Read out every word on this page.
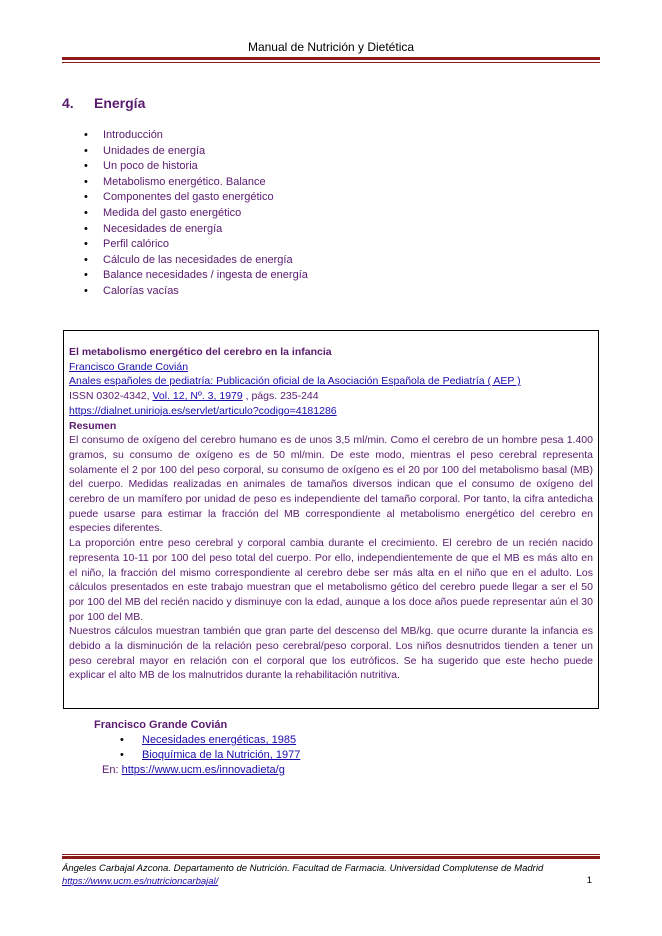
Manual de Nutrición y Dietética
4. Energía
• Introducción
• Unidades de energía
• Un poco de historia
• Metabolismo energético. Balance
• Componentes del gasto energético
• Medida del gasto energético
• Necesidades de energía
• Perfil calórico
• Cálculo de las necesidades de energía
• Balance necesidades / ingesta de energía
• Calorías vacías
El metabolismo energético del cerebro en la infancia
Francisco Grande Covián
Anales españoles de pediatría: Publicación oficial de la Asociación Española de Pediatría ( AEP )
ISSN 0302-4342, Vol. 12, Nº. 3, 1979 , págs. 235-244
https://dialnet.unirioja.es/servlet/articulo?codigo=4181286
Resumen

El consumo de oxígeno del cerebro humano es de unos 3,5 ml/min. Como el cerebro de un hombre pesa 1.400 gramos, su consumo de oxígeno es de 50 ml/min. De este modo, mientras el peso cerebral representa solamente el 2 por 100 del peso corporal, su consumo de oxígeno es el 20 por 100 del metabolismo basal (MB) del cuerpo. Medidas realizadas en animales de tamaños diversos indican que el consumo de oxígeno del cerebro de un mamífero por unidad de peso es independiente del tamaño corporal. Por tanto, la cifra antedicha puede usarse para estimar la fracción del MB correspondiente al metabolismo energético del cerebro en especies diferentes.

La proporción entre peso cerebral y corporal cambia durante el crecimiento. El cerebro de un recién nacido representa 10-11 por 100 del peso total del cuerpo. Por ello, independientemente de que el MB es más alto en el niño, la fracción del mismo correspondiente al cerebro debe ser más alta en el niño que en el adulto. Los cálculos presentados en este trabajo muestran que el metabolismo gético del cerebro puede llegar a ser el 50 por 100 del MB del recién nacido y disminuye con la edad, aunque a los doce años puede representar aún el 30 por 100 del MB.

Nuestros cálculos muestran también que gran parte del descenso del MB/kg. que ocurre durante la infancia es debido a la disminución de la relación peso cerebral/peso corporal. Los niños desnutridos tienden a tener un peso cerebral mayor en relación con el corporal que los eutróficos. Se ha sugerido que este hecho puede explicar el alto MB de los malnutridos durante la rehabilitación nutritiva.

Francisco Grande Covián
• Necesidades energéticas, 1985
• Bioquímica de la Nutrición, 1977
En: https://www.ucm.es/innovadieta/g
Ángeles Carbajal Azcona. Departamento de Nutrición. Facultad de Farmacia. Universidad Complutense de Madrid
https://www.ucm.es/nutricioncarbajal/	1
